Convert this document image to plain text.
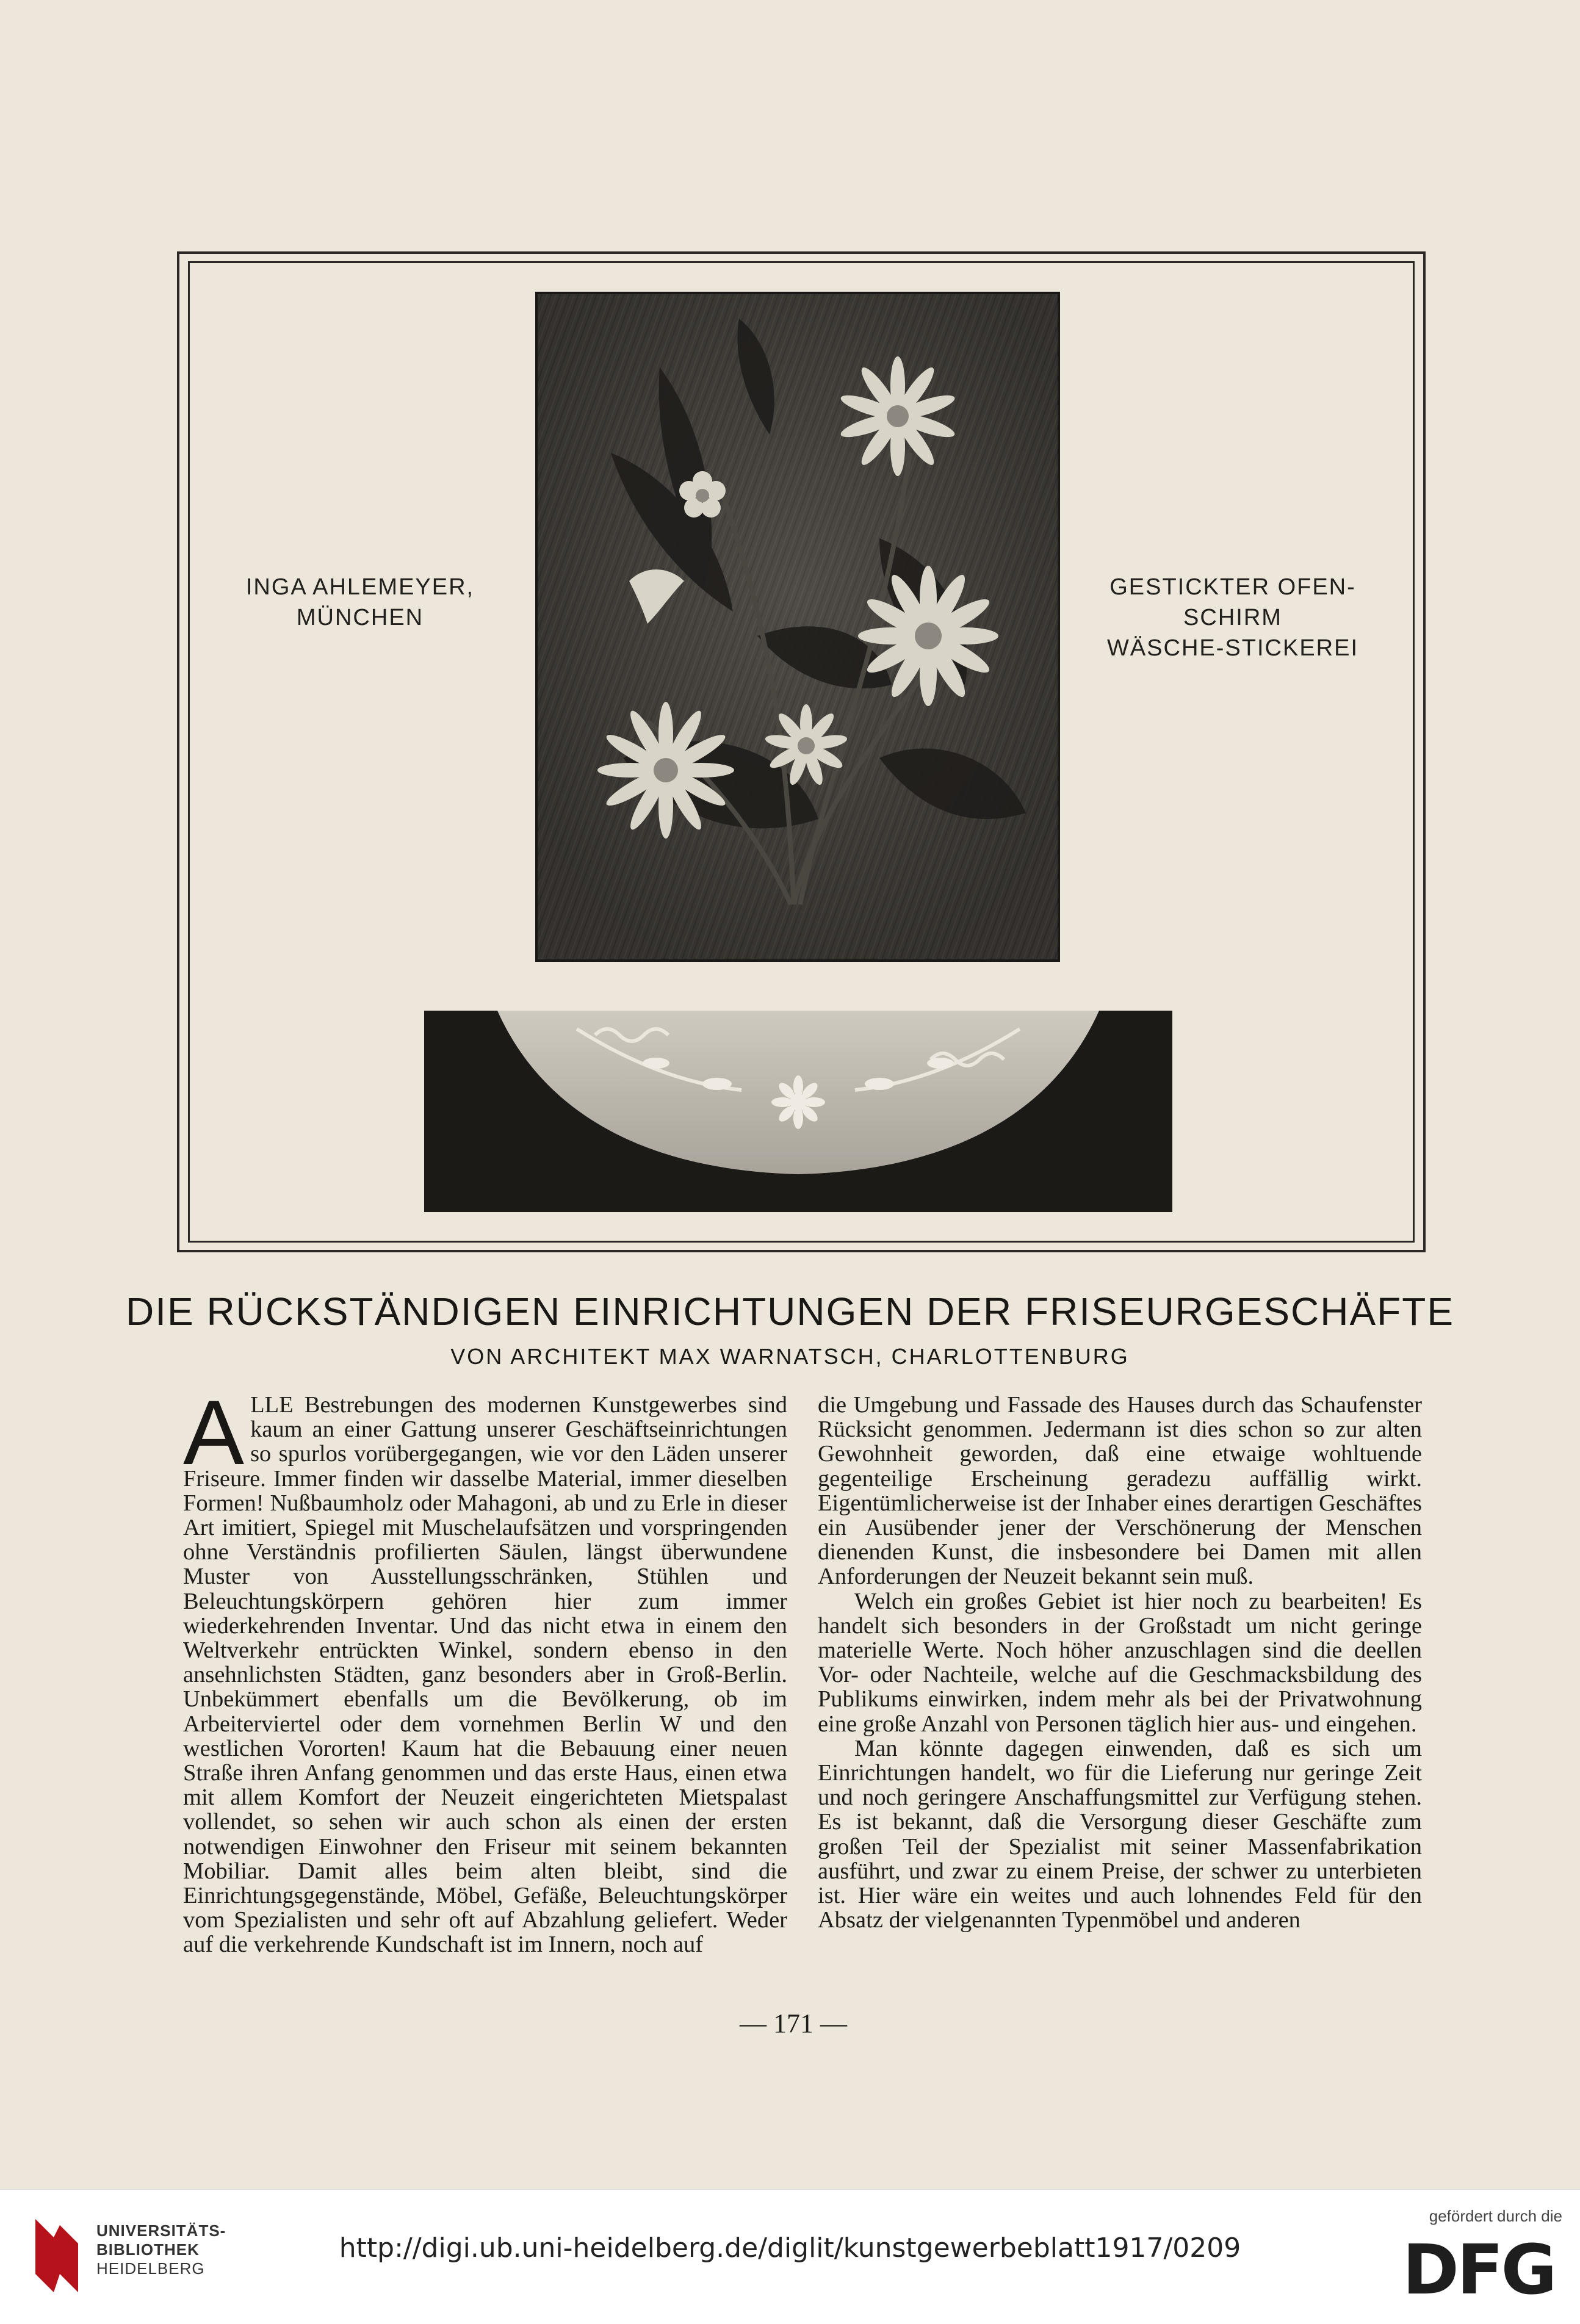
INGA AHLEMEYER,
MÜNCHEN
GESTICKTER OFEN-
SCHIRM
WÄSCHE-STICKEREI
DIE RÜCKSTÄNDIGEN EINRICHTUNGEN DER FRISEURGESCHÄFTE
VON ARCHITEKT MAX WARNATSCH, CHARLOTTENBURG
A LLE Bestrebungen des modernen Kunstgewerbes sind kaum an einer Gattung unserer Geschäftseinrichtungen so spurlos vorübergegangen, wie vor den Läden unserer Friseure. Immer finden wir dasselbe Material, immer dieselben Formen! Nußbaumholz oder Mahagoni, ab und zu Erle in dieser Art imitiert, Spiegel mit Muschelaufsätzen und vorspringenden ohne Verständnis profilierten Säulen, längst überwundene Muster von Ausstellungsschränken, Stühlen und Beleuchtungskörpern gehören hier zum immer wiederkehrenden Inventar. Und das nicht etwa in einem den Weltverkehr entrückten Winkel, sondern ebenso in den ansehnlichsten Städten, ganz besonders aber in Groß-Berlin. Unbekümmert ebenfalls um die Bevölkerung, ob im Arbeiterviertel oder dem vornehmen Berlin W und den westlichen Vororten! Kaum hat die Bebauung einer neuen Straße ihren Anfang genommen und das erste Haus, einen etwa mit allem Komfort der Neuzeit eingerichteten Mietspalast vollendet, so sehen wir auch schon als einen der ersten notwendigen Einwohner den Friseur mit seinem bekannten Mobiliar. Damit alles beim alten bleibt, sind die Einrichtungsgegenstände, Möbel, Gefäße, Beleuchtungskörper vom Spezialisten und sehr oft auf Abzahlung geliefert. Weder auf die verkehrende Kundschaft ist im Innern, noch auf

die Umgebung und Fassade des Hauses durch das Schaufenster Rücksicht genommen. Jedermann ist dies schon so zur alten Gewohnheit geworden, daß eine etwaige wohltuende gegenteilige Erscheinung geradezu auffällig wirkt. Eigentümlicherweise ist der Inhaber eines derartigen Geschäftes ein Ausübender jener der Verschönerung der Menschen dienenden Kunst, die insbesondere bei Damen mit allen Anforderungen der Neuzeit bekannt sein muß.

Welch ein großes Gebiet ist hier noch zu bearbeiten! Es handelt sich besonders in der Großstadt um nicht geringe materielle Werte. Noch höher anzuschlagen sind die deellen Vor- oder Nachteile, welche auf die Geschmacksbildung des Publikums einwirken, indem mehr als bei der Privatwohnung eine große Anzahl von Personen täglich hier aus- und eingehen.

Man könnte dagegen einwenden, daß es sich um Einrichtungen handelt, wo für die Lieferung nur geringe Zeit und noch geringere Anschaffungsmittel zur Verfügung stehen. Es ist bekannt, daß die Versorgung dieser Geschäfte zum großen Teil der Spezialist mit seiner Massenfabrikation ausführt, und zwar zu einem Preise, der schwer zu unterbieten ist. Hier wäre ein weites und auch lohnendes Feld für den Absatz der vielgenannten Typenmöbel und anderen

— 171 —
UNIVERSITÄTS-
BIBLIOTHEK
HEIDELBERG
http://digi.ub.uni-heidelberg.de/diglit/kunstgewerbeblatt1917/0209
gefördert durch die
DFG
